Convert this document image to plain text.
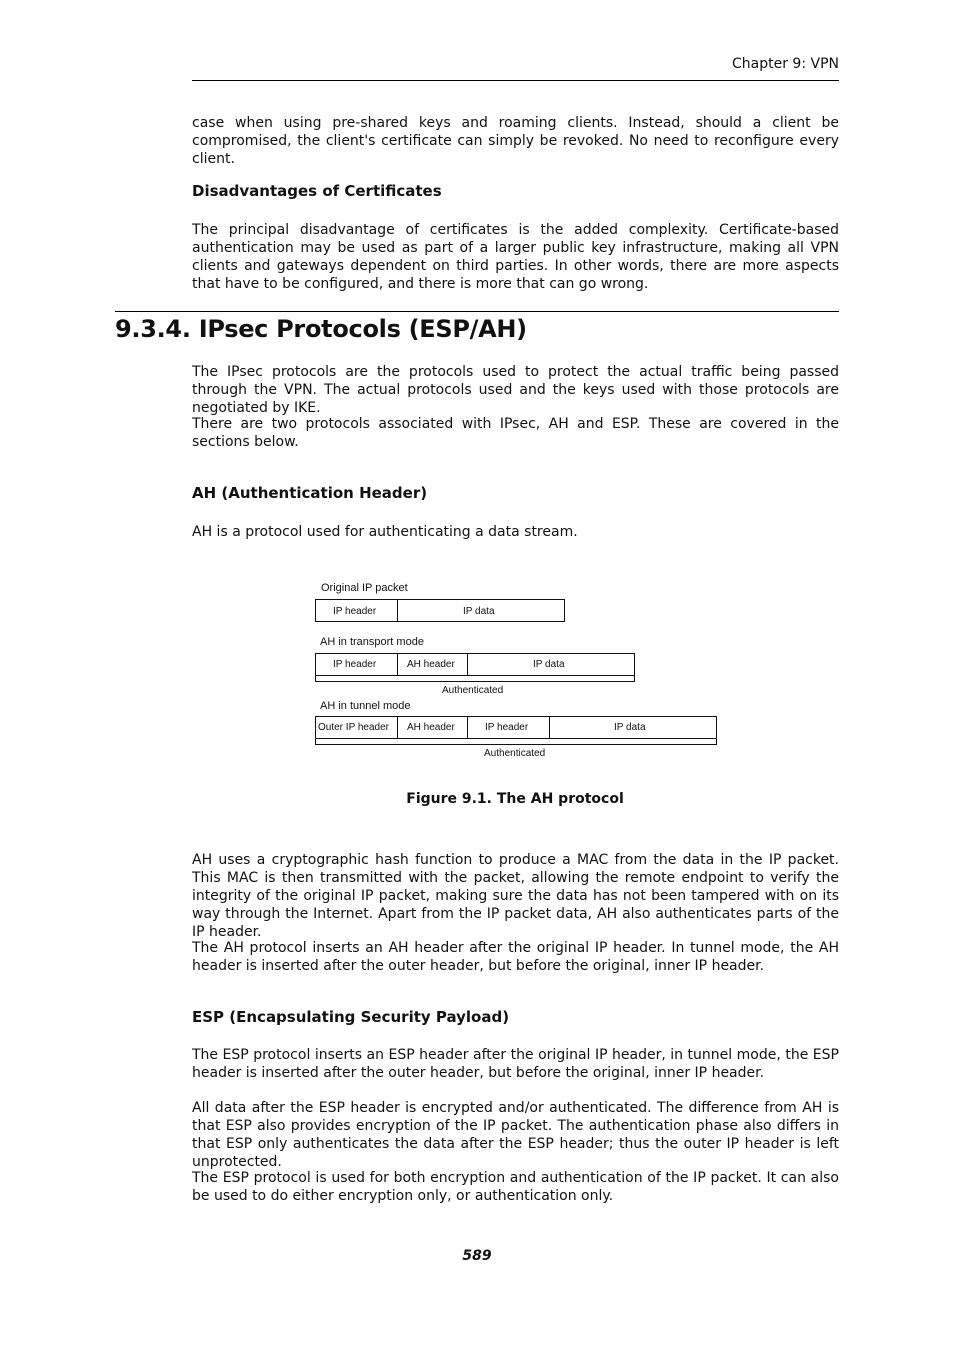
Chapter 9: VPN

case when using pre-shared keys and roaming clients. Instead, should a client be compromised, the client's certificate can simply be revoked. No need to reconfigure every client.

Disadvantages of Certificates

The principal disadvantage of certificates is the added complexity. Certificate-based authentication may be used as part of a larger public key infrastructure, making all VPN clients and gateways dependent on third parties. In other words, there are more aspects that have to be configured, and there is more that can go wrong.

9.3.4. IPsec Protocols (ESP/AH)

The IPsec protocols are the protocols used to protect the actual traffic being passed through the VPN. The actual protocols used and the keys used with those protocols are negotiated by IKE.

There are two protocols associated with IPsec, AH and ESP. These are covered in the sections below.

AH (Authentication Header)

AH is a protocol used for authenticating a data stream.

Original IP packet
IP header	IP data
AH in transport mode
IP header	AH header	IP data
Authenticated
AH in tunnel mode
Outer IP header AH header	IP header	IP data
Authenticated
Figure 9.1. The AH protocol

AH uses a cryptographic hash function to produce a MAC from the data in the IP packet. This MAC is then transmitted with the packet, allowing the remote endpoint to verify the integrity of the original IP packet, making sure the data has not been tampered with on its way through the Internet. Apart from the IP packet data, AH also authenticates parts of the IP header.

The AH protocol inserts an AH header after the original IP header. In tunnel mode, the AH header is inserted after the outer header, but before the original, inner IP header.

ESP (Encapsulating Security Payload)

The ESP protocol inserts an ESP header after the original IP header, in tunnel mode, the ESP header is inserted after the outer header, but before the original, inner IP header.

All data after the ESP header is encrypted and/or authenticated. The difference from AH is that ESP also provides encryption of the IP packet. The authentication phase also differs in that ESP only authenticates the data after the ESP header; thus the outer IP header is left unprotected.

The ESP protocol is used for both encryption and authentication of the IP packet. It can also be used to do either encryption only, or authentication only.

589
